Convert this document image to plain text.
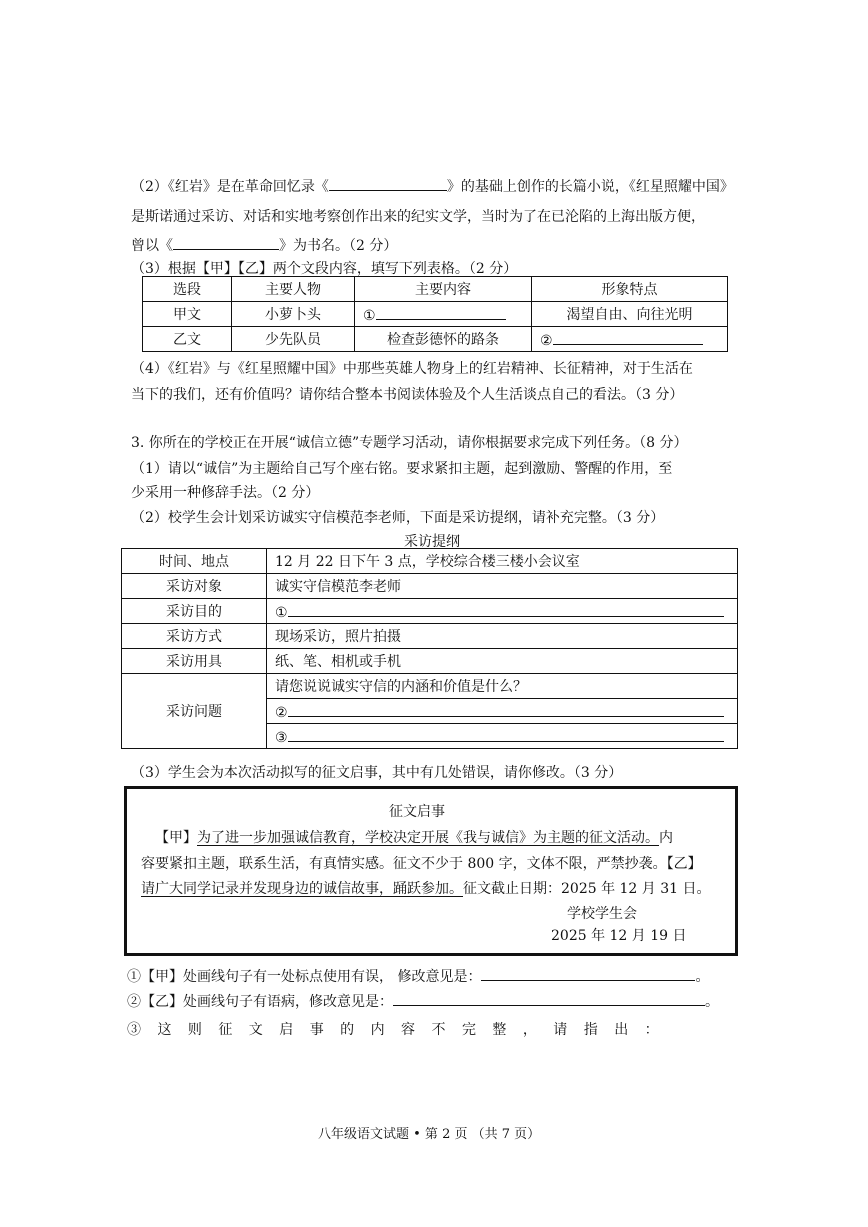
（2）《红岩》是在革命回忆录《	》的基础上创作的长篇小说，《红星照耀中国》
是斯诺通过采访、对话和实地考察创作出来的纪实文学，当时为了在已沦陷的上海出版方便，
曾以《	》为书名。（2 分）
（3）根据【甲】【乙】两个文段内容，填写下列表格。（2 分）
选段	主要人物	主要内容	形象特点
甲文	小萝卜头	①	渴望自由、向往光明
乙文	少先队员	检查彭德怀的路条	②
（4）《红岩》与《红星照耀中国》中那些英雄人物身上的红岩精神、长征精神，对于生活在
当下的我们，还有价值吗？请你结合整本书阅读体验及个人生活谈点自己的看法。（3 分）
3. 你所在的学校正在开展“诚信立德”专题学习活动，请你根据要求完成下列任务。（8 分）
（1）请以“诚信”为主题给自己写个座右铭。要求紧扣主题，起到激励、警醒的作用，至
少采用一种修辞手法。（2 分）
（2）校学生会计划采访诚实守信模范李老师，下面是采访提纲，请补充完整。（3 分）
采访提纲
时间、地点	12 月 22 日下午 3 点，学校综合楼三楼小会议室
采访对象	诚实守信模范李老师
采访目的	①
采访方式	现场采访，照片拍摄
采访用具	纸、笔、相机或手机
采访问题	请您说说诚实守信的内涵和价值是什么？
	②
	③
（3）学生会为本次活动拟写的征文启事，其中有几处错误，请你修改。（3 分）
征文启事
【甲】为了进一步加强诚信教育，学校决定开展《我与诚信》为主题的征文活动。内
容要紧扣主题，联系生活，有真情实感。征文不少于 800 字，文体不限，严禁抄袭。【乙】
请广大同学记录并发现身边的诚信故事，踊跃参加。征文截止日期：2025 年 12 月 31 日。
学校学生会
2025 年 12 月 19 日
①【甲】处画线句子有一处标点使用有误， 修改意见是：	。
②【乙】处画线句子有语病，修改意见是：	。
③ 这 则 征 文 启 事 的 内 容 不 完 整 ， 请 指 出 ：
八年级语文试题 • 第 2 页 （共 7 页）
